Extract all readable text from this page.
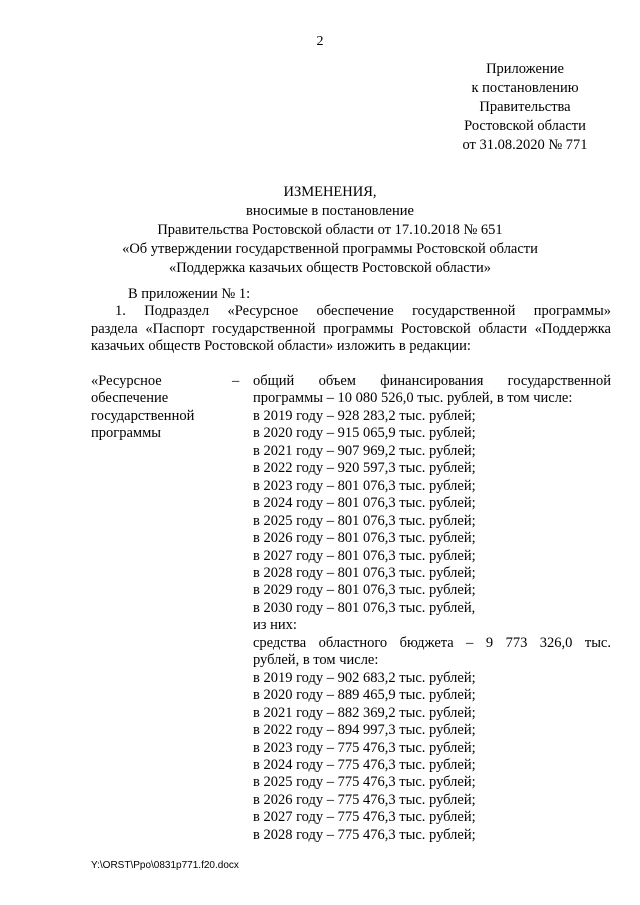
2
Приложение
к постановлению
Правительства
Ростовской области
от 31.08.2020 № 771
ИЗМЕНЕНИЯ,
вносимые в постановление
Правительства Ростовской области от 17.10.2018 № 651
«Об утверждении государственной программы Ростовской области
«Поддержка казачьих обществ Ростовской области»
В приложении № 1:
1. Подраздел «Ресурсное обеспечение государственной программы»
раздела «Паспорт государственной программы Ростовской области «Поддержка
казачьих обществ Ростовской области» изложить в редакции:
«Ресурсное
обеспечение
государственной
программы
– общий объем финансирования государственной
программы – 10 080 526,0 тыс. рублей, в том числе:
в 2019 году – 928 283,2 тыс. рублей;
в 2020 году – 915 065,9 тыс. рублей;
в 2021 году – 907 969,2 тыс. рублей;
в 2022 году – 920 597,3 тыс. рублей;
в 2023 году – 801 076,3 тыс. рублей;
в 2024 году – 801 076,3 тыс. рублей;
в 2025 году – 801 076,3 тыс. рублей;
в 2026 году – 801 076,3 тыс. рублей;
в 2027 году – 801 076,3 тыс. рублей;
в 2028 году – 801 076,3 тыс. рублей;
в 2029 году – 801 076,3 тыс. рублей;
в 2030 году – 801 076,3 тыс. рублей,
из них:
средства областного бюджета – 9 773 326,0 тыс.
рублей, в том числе:
в 2019 году – 902 683,2 тыс. рублей;
в 2020 году – 889 465,9 тыс. рублей;
в 2021 году – 882 369,2 тыс. рублей;
в 2022 году – 894 997,3 тыс. рублей;
в 2023 году – 775 476,3 тыс. рублей;
в 2024 году – 775 476,3 тыс. рублей;
в 2025 году – 775 476,3 тыс. рублей;
в 2026 году – 775 476,3 тыс. рублей;
в 2027 году – 775 476,3 тыс. рублей;
в 2028 году – 775 476,3 тыс. рублей;
Y:\ORST\Ppo\0831p771.f20.docx
